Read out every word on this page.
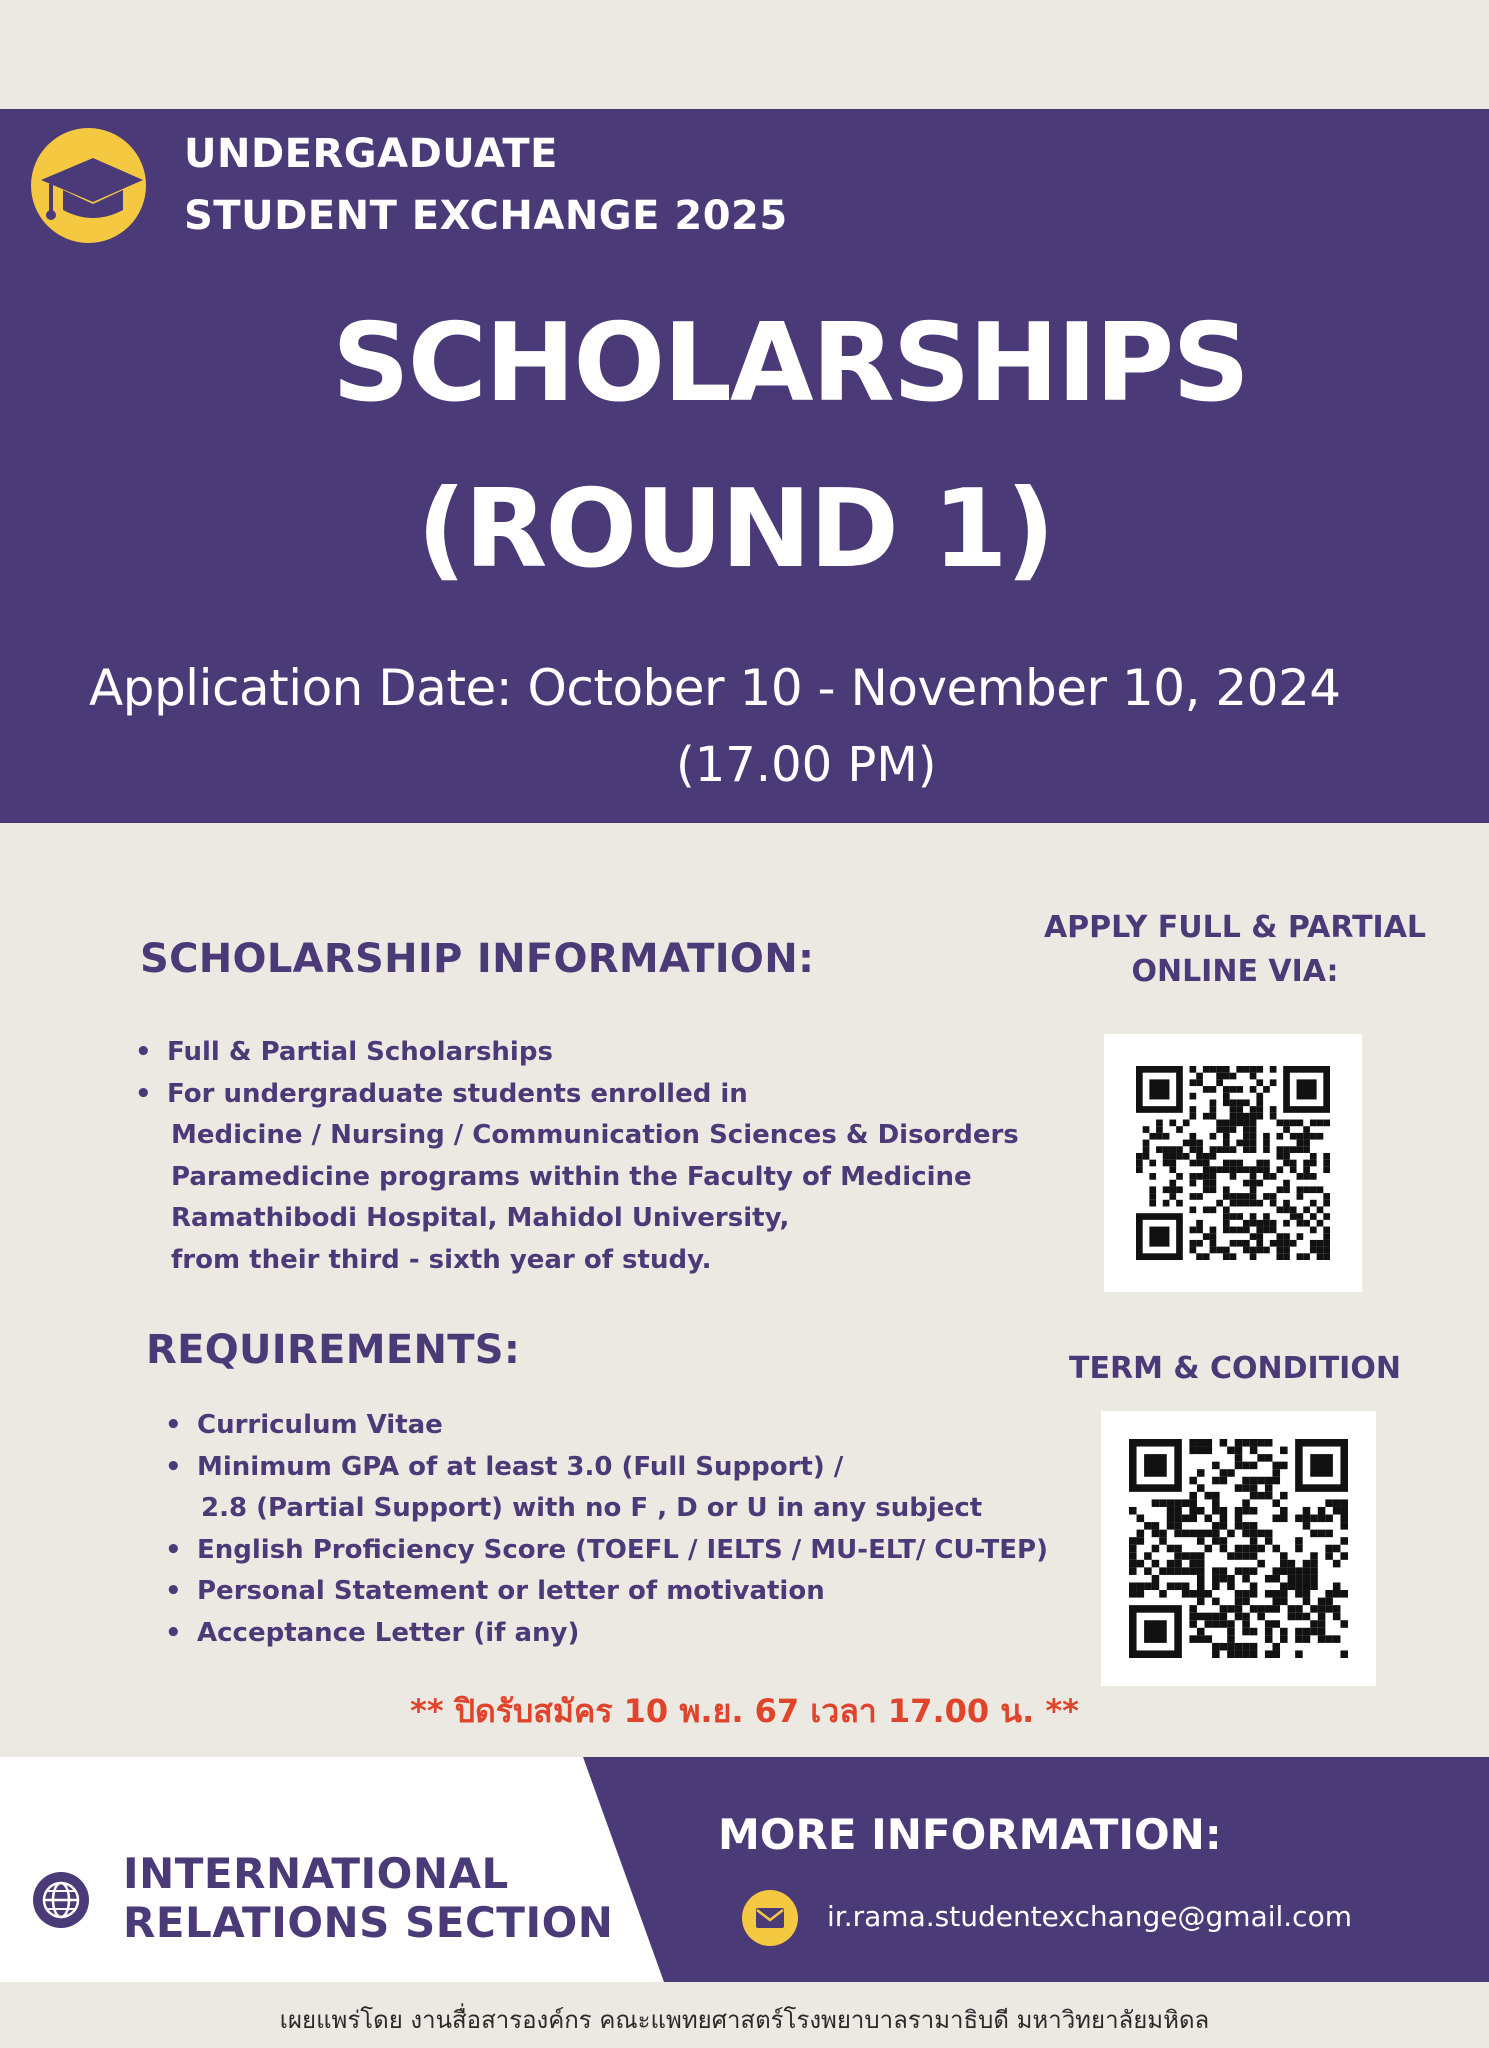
UNDERGADUATE
STUDENT EXCHANGE 2025
SCHOLARSHIPS
(ROUND 1)
Application Date: October 10 - November 10, 2024
(17.00 PM)
SCHOLARSHIP INFORMATION:
• Full & Partial Scholarships
• For undergraduate students enrolled in
Medicine / Nursing / Communication Sciences & Disorders
Paramedicine programs within the Faculty of Medicine
Ramathibodi Hospital, Mahidol University,
from their third - sixth year of study.
REQUIREMENTS:
• Curriculum Vitae
• Minimum GPA of at least 3.0 (Full Support) /
2.8 (Partial Support) with no F , D or U in any subject
• English Proficiency Score (TOEFL / IELTS / MU-ELT/ CU-TEP)
• Personal Statement or letter of motivation
• Acceptance Letter (if any)
APPLY FULL & PARTIAL
ONLINE VIA:
TERM & CONDITION
** ปิดรับสมัคร 10 พ.ย. 67 เวลา 17.00 น. **
INTERNATIONAL
RELATIONS SECTION
MORE INFORMATION:
ir.rama.studentexchange@gmail.com
เผยแพร่โดย งานสื่อสารองค์กร คณะแพทยศาสตร์โรงพยาบาลรามาธิบดี มหาวิทยาลัยมหิดล
